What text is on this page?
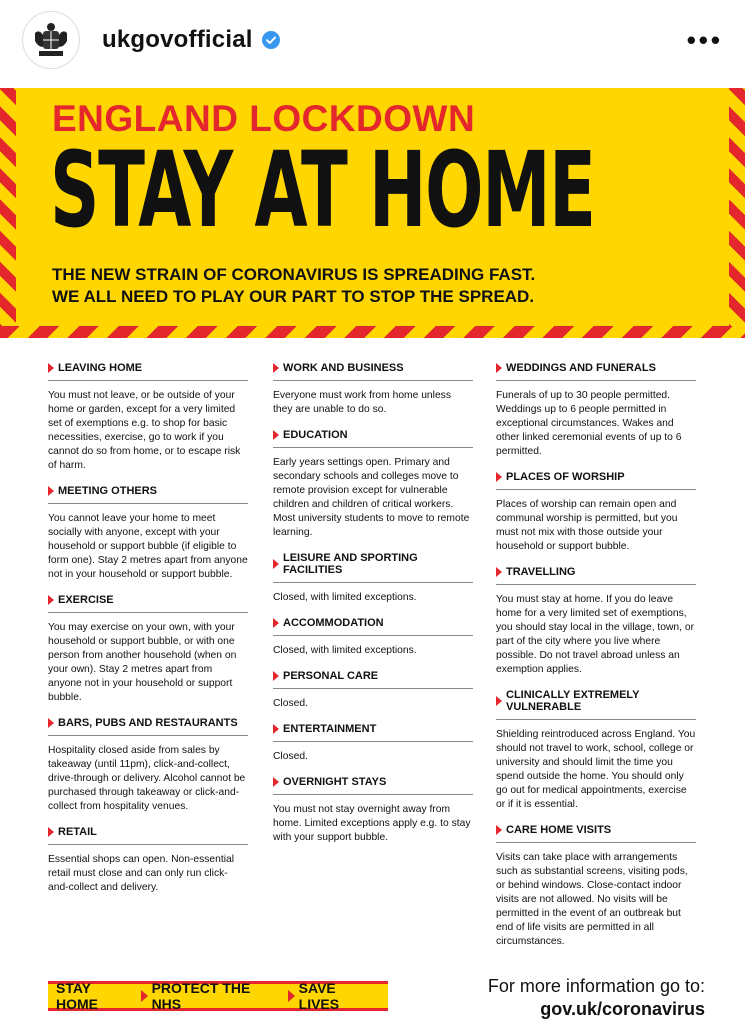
ukgovofficial	•••
ENGLAND LOCKDOWN
STAY AT HOME
THE NEW STRAIN OF CORONAVIRUS IS SPREADING FAST.
WE ALL NEED TO PLAY OUR PART TO STOP THE SPREAD.
LEAVING HOME
You must not leave, or be outside of your home or garden, except for a very limited set of exemptions e.g. to shop for basic necessities, exercise, go to work if you cannot do so from home, or to escape risk of harm.
MEETING OTHERS
You cannot leave your home to meet socially with anyone, except with your household or support bubble (if eligible to form one). Stay 2 metres apart from anyone not in your household or support bubble.
EXERCISE
You may exercise on your own, with your household or support bubble, or with one person from another household (when on your own). Stay 2 metres apart from anyone not in your household or support bubble.
BARS, PUBS AND RESTAURANTS
Hospitality closed aside from sales by takeaway (until 11pm), click-and-collect, drive-through or delivery. Alcohol cannot be purchased through takeaway or click-and-collect from hospitality venues.
RETAIL
Essential shops can open. Non-essential retail must close and can only run click-and-collect and delivery.
WORK AND BUSINESS
Everyone must work from home unless they are unable to do so.
EDUCATION
Early years settings open. Primary and secondary schools and colleges move to remote provision except for vulnerable children and children of critical workers. Most university students to move to remote learning.
LEISURE AND SPORTING FACILITIES
Closed, with limited exceptions.
ACCOMMODATION
Closed, with limited exceptions.
PERSONAL CARE
Closed.
ENTERTAINMENT
Closed.
OVERNIGHT STAYS
You must not stay overnight away from home. Limited exceptions apply e.g. to stay with your support bubble.
WEDDINGS AND FUNERALS
Funerals of up to 30 people permitted. Weddings up to 6 people permitted in exceptional circumstances. Wakes and other linked ceremonial events of up to 6 permitted.
PLACES OF WORSHIP
Places of worship can remain open and communal worship is permitted, but you must not mix with those outside your household or support bubble.
TRAVELLING
You must stay at home. If you do leave home for a very limited set of exemptions, you should stay local in the village, town, or part of the city where you live where possible. Do not travel abroad unless an exemption applies.
CLINICALLY EXTREMELY VULNERABLE
Shielding reintroduced across England. You should not travel to work, school, college or university and should limit the time you spend outside the home. You should only go out for medical appointments, exercise or if it is essential.
CARE HOME VISITS
Visits can take place with arrangements such as substantial screens, visiting pods, or behind windows. Close-contact indoor visits are not allowed. No visits will be permitted in the event of an outbreak but end of life visits are permitted in all circumstances.
STAY HOME
PROTECT THE NHS
SAVE LIVES
For more information go to:
gov.uk/coronavirus
